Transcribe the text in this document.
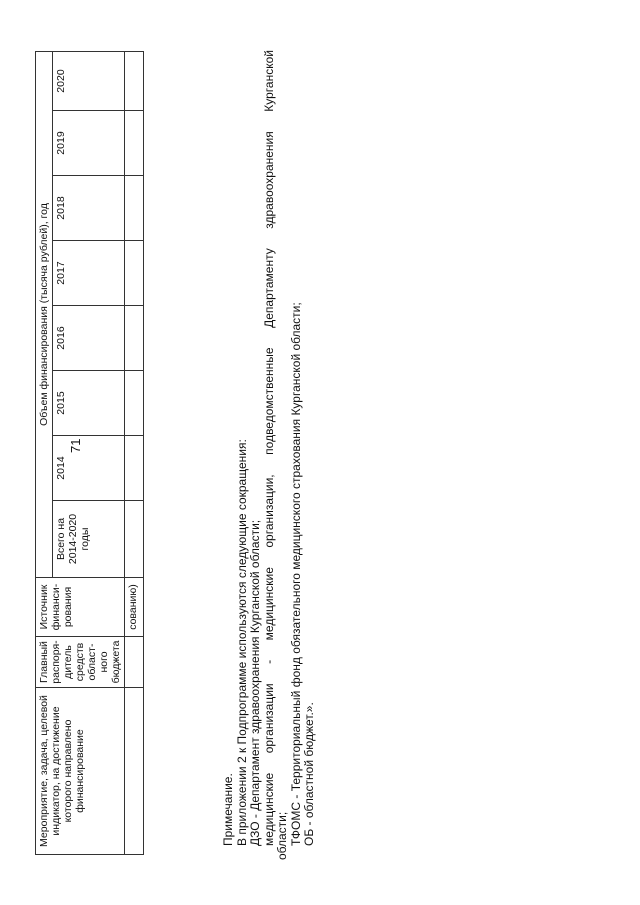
71
Мероприятие, задача, целевой индикатор, на достижение которого направлено финансирование	Главный распоря-дитель средств област-ного бюджета	Источник финанси-рования	Объем финансирования (тысяча рублей), год							
			Всего на 2014-2020 годы	2014	2015	2016	2017	2018	2019	2020
		сованию)								

Примечание. В приложении 2 к Подпрограмме используются следующие сокращения: ДЗО - Департамент здравоохранения Курганской области; медицинские организации - медицинские организации, подведомственные Департаменту здравоохранения Курганской области; ТФОМС - Территориальный фонд обязательного медицинского страхования Курганской области; ОБ - областной бюджет.».
